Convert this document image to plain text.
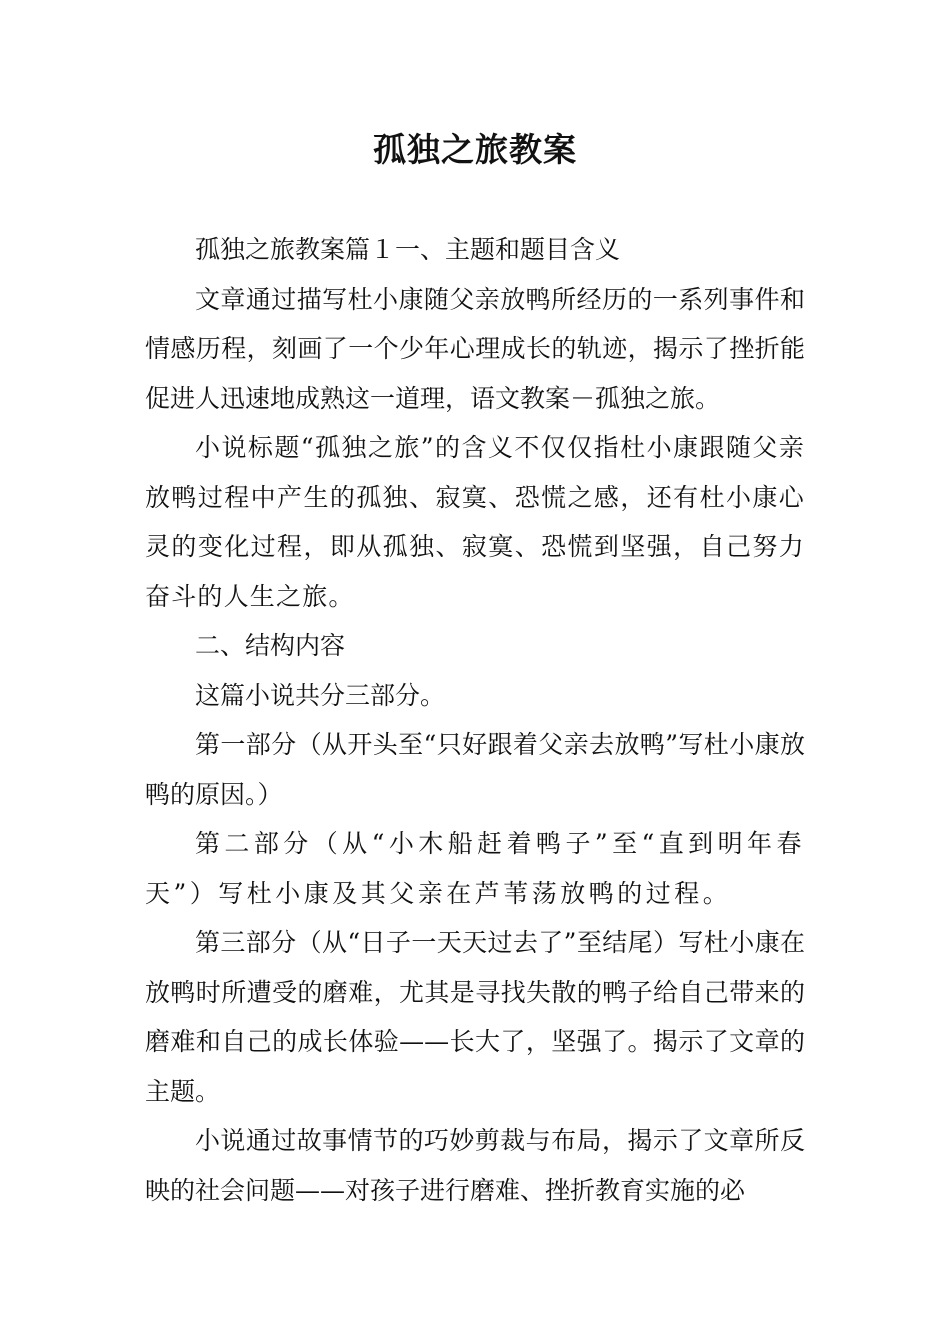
孤独之旅教案

孤独之旅教案篇１一、主题和题目含义

文章通过描写杜小康随父亲放鸭所经历的一系列事件和情感历程，刻画了一个少年心理成长的轨迹，揭示了挫折能促进人迅速地成熟这一道理，语文教案－孤独之旅。

小说标题“孤独之旅”的含义不仅仅指杜小康跟随父亲放鸭过程中产生的孤独、寂寞、恐慌之感，还有杜小康心灵的变化过程，即从孤独、寂寞、恐慌到坚强，自己努力奋斗的人生之旅。

二、结构内容

这篇小说共分三部分。

第一部分（从开头至“只好跟着父亲去放鸭”写杜小康放鸭的原因。）

第二部分（从“小木船赶着鸭子”至“直到明年春天”）写杜小康及其父亲在芦苇荡放鸭的过程。

第三部分（从“日子一天天过去了”至结尾）写杜小康在放鸭时所遭受的磨难，尤其是寻找失散的鸭子给自己带来的磨难和自己的成长体验——长大了，坚强了。揭示了文章的主题。

小说通过故事情节的巧妙剪裁与布局，揭示了文章所反映的社会问题——对孩子进行磨难、挫折教育实施的必
